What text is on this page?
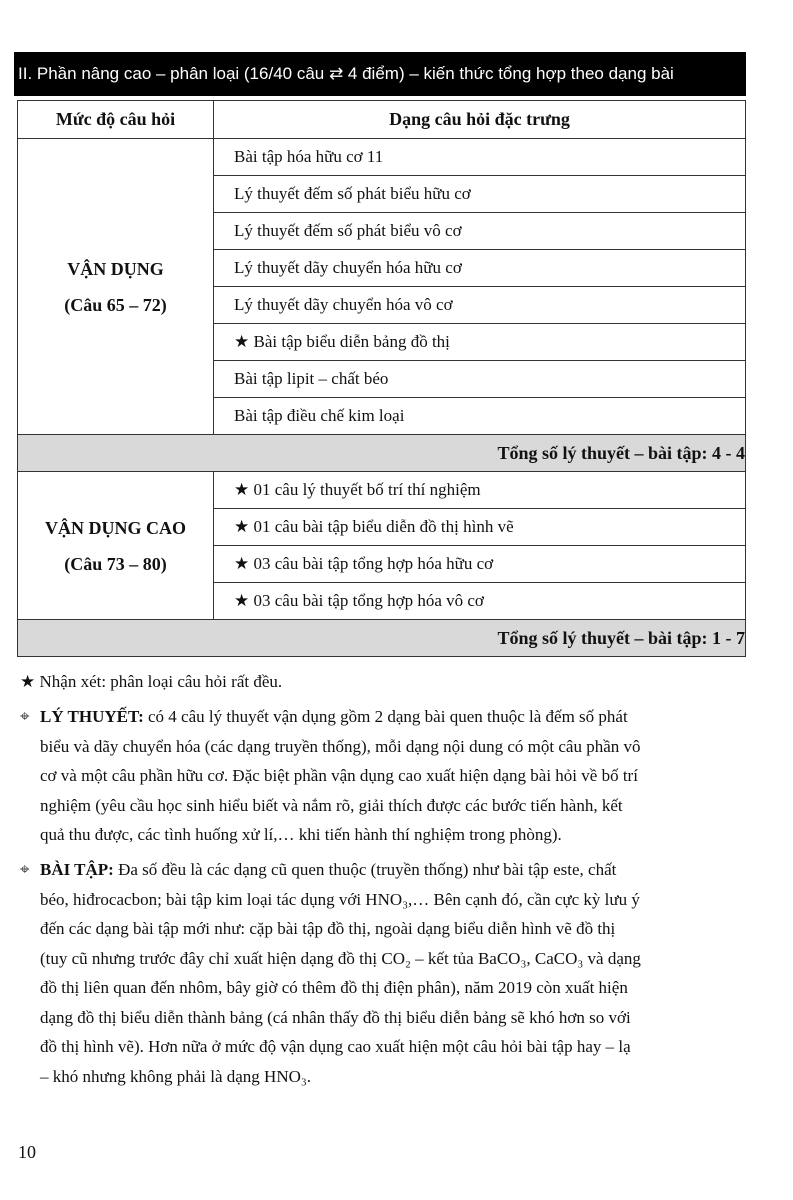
II. Phần nâng cao – phân loại (16/40 câu ⇄ 4 điểm) – kiến thức tổng hợp theo dạng bài
Mức độ câu hỏi	Dạng câu hỏi đặc trưng

VẬN DỤNG
(Câu 65 – 72)	Bài tập hóa hữu cơ 11
	Lý thuyết đếm số phát biểu hữu cơ
	Lý thuyết đếm số phát biểu vô cơ
	Lý thuyết dãy chuyển hóa hữu cơ
	Lý thuyết dãy chuyển hóa vô cơ
	★ Bài tập biểu diễn bảng đồ thị
	Bài tập lipit – chất béo
	Bài tập điều chế kim loại
Tổng số lý thuyết – bài tập: 4 - 4	

VẬN DỤNG CAO
(Câu 73 – 80)	★ 01 câu lý thuyết bố trí thí nghiệm
	★ 01 câu bài tập biểu diễn đồ thị hình vẽ
	★ 03 câu bài tập tổng hợp hóa hữu cơ
	★ 03 câu bài tập tổng hợp hóa vô cơ
Tổng số lý thuyết – bài tập: 1 - 7	
★ Nhận xét: phân loại câu hỏi rất đều.
⌖ LÝ THUYẾT: có 4 câu lý thuyết vận dụng gồm 2 dạng bài quen thuộc là đếm số phát
biểu và dãy chuyển hóa (các dạng truyền thống), mỗi dạng nội dung có một câu phần vô
cơ và một câu phần hữu cơ. Đặc biệt phần vận dụng cao xuất hiện dạng bài hỏi về bố trí
nghiệm (yêu cầu học sinh hiểu biết và nắm rõ, giải thích được các bước tiến hành, kết
quả thu được, các tình huống xử lí,… khi tiến hành thí nghiệm trong phòng).
⌖ BÀI TẬP: Đa số đều là các dạng cũ quen thuộc (truyền thống) như bài tập este, chất
béo, hiđrocacbon; bài tập kim loại tác dụng với HNO₃,… Bên cạnh đó, cần cực kỳ lưu ý
đến các dạng bài tập mới như: cặp bài tập đồ thị, ngoài dạng biểu diễn hình vẽ đồ thị
(tuy cũ nhưng trước đây chỉ xuất hiện dạng đồ thị CO₂ – kết tủa BaCO₃, CaCO₃ và dạng
đồ thị liên quan đến nhôm, bây giờ có thêm đồ thị điện phân), năm 2019 còn xuất hiện
dạng đồ thị biểu diễn thành bảng (cá nhân thấy đồ thị biểu diễn bảng sẽ khó hơn so với
đồ thị hình vẽ). Hơn nữa ở mức độ vận dụng cao xuất hiện một câu hỏi bài tập hay – lạ
– khó nhưng không phải là dạng HNO₃.
10
